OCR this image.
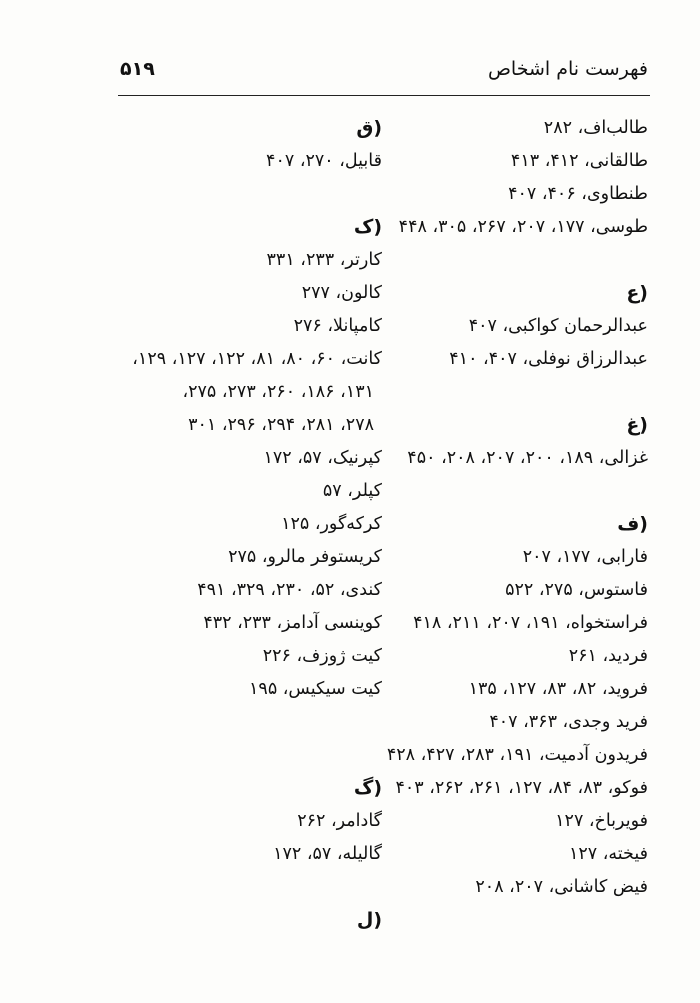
۵۱۹	فهرست نام اشخاص
طالب‌اف، ۲۸۲
طالقانی، ۴۱۲، ۴۱۳
طنطاوی، ۴۰۶، ۴۰۷
طوسی، ۱۷۷، ۲۰۷، ۲۶۷، ۳۰۵، ۴۴۸
(ع
عبدالرحمان کواکبی، ۴۰۷
عبدالرزاق نوفلی، ۴۰۷، ۴۱۰
(غ
غزالی، ۱۸۹، ۲۰۰، ۲۰۷، ۲۰۸، ۴۵۰
(ف
فارابی، ۱۷۷، ۲۰۷
فاستوس، ۲۷۵، ۵۲۲
فراستخواه، ۱۹۱، ۲۰۷، ۲۱۱، ۴۱۸
فردید، ۲۶۱
فروید، ۸۲، ۸۳، ۱۲۷، ۱۳۵
فرید وجدی، ۳۶۳، ۴۰۷
فریدون آدمیت، ۱۹۱، ۲۸۳، ۴۲۷، ۴۲۸
فوکو، ۸۳، ۸۴، ۱۲۷، ۲۶۱، ۲۶۲، ۴۰۳
فویرباخ، ۱۲۷
فیخته، ۱۲۷
فیض کاشانی، ۲۰۷، ۲۰۸
(ق
قابیل، ۲۷۰، ۴۰۷
(ک
کارتر، ۲۳۳، ۳۳۱
کالون، ۲۷۷
کامپانلا، ۲۷۶
کانت، ۶۰، ۸۰، ۸۱، ۱۲۲، ۱۲۷، ۱۲۹،
۱۳۱، ۱۸۶، ۲۶۰، ۲۷۳، ۲۷۵،
۲۷۸، ۲۸۱، ۲۹۴، ۲۹۶، ۳۰۱
کپرنیک، ۵۷، ۱۷۲
کپلر، ۵۷
کرکه‌گور، ۱۲۵
کریستوفر مالرو، ۲۷۵
کندی، ۵۲، ۲۳۰، ۳۲۹، ۴۹۱
کوینسی آدامز، ۲۳۳، ۴۳۲
کیت ژوزف، ۲۲۶
کیت سیکیس، ۱۹۵
(گ
گادامر، ۲۶۲
گالیله، ۵۷، ۱۷۲
(ل
